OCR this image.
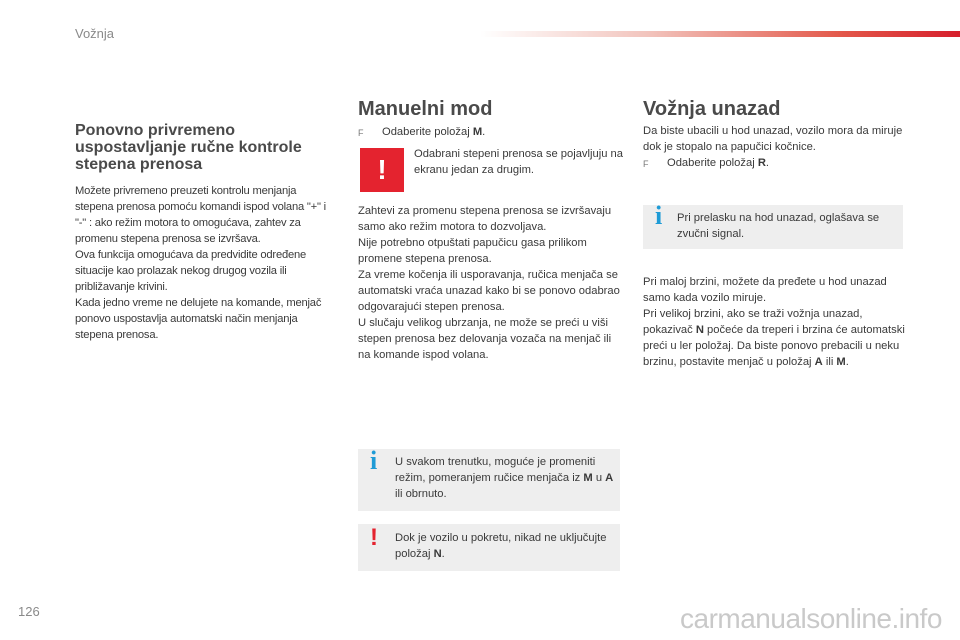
Vožnja
Ponovno privremeno uspostavljanje ručne kontrole stepena prenosa

Možete privremeno preuzeti kontrolu menjanja stepena prenosa pomoću komandi ispod volana "+" i "-" : ako režim motora to omogućava, zahtev za promenu stepena prenosa se izvršava.

Ova funkcija omogućava da predvidite određene situacije kao prolazak nekog drugog vozila ili približavanje krivini.

Kada jedno vreme ne delujete na komande, menjač ponovo uspostavlja automatski način menjanja stepena prenosa.

Manuelni mod
F	Odaberite položaj M.
!	Odabrani stepeni prenosa se pojavljuju na ekranu jedan za drugim.

Zahtevi za promenu stepena prenosa se izvršavaju samo ako režim motora to dozvoljava.

Nije potrebno otpuštati papučicu gasa prilikom promene stepena prenosa.

Za vreme kočenja ili usporavanja, ručica menjača se automatski vraća unazad kako bi se ponovo odabrao odgovarajući stepen prenosa.

U slučaju velikog ubrzanja, ne može se preći u viši stepen prenosa bez delovanja vozača na menjač ili na komande ispod volana.

i U svakom trenutku, moguće je promeniti režim, pomeranjem ručice menjača iz M u A ili obrnuto.
! Dok je vozilo u pokretu, nikad ne uključujte položaj N.
Vožnja unazad

Da biste ubacili u hod unazad, vozilo mora da miruje dok je stopalo na papučici kočnice.

F	Odaberite položaj R.
i Pri prelasku na hod unazad, oglašava se zvučni signal.

Pri maloj brzini, možete da pređete u hod unazad samo kada vozilo miruje.

Pri velikoj brzini, ako se traži vožnja unazad, pokazivač N počeće da treperi i brzina će automatski preći u ler položaj. Da biste ponovo prebacili u neku brzinu, postavite menjač u položaj A ili M.

126	carmanualsonline.info
